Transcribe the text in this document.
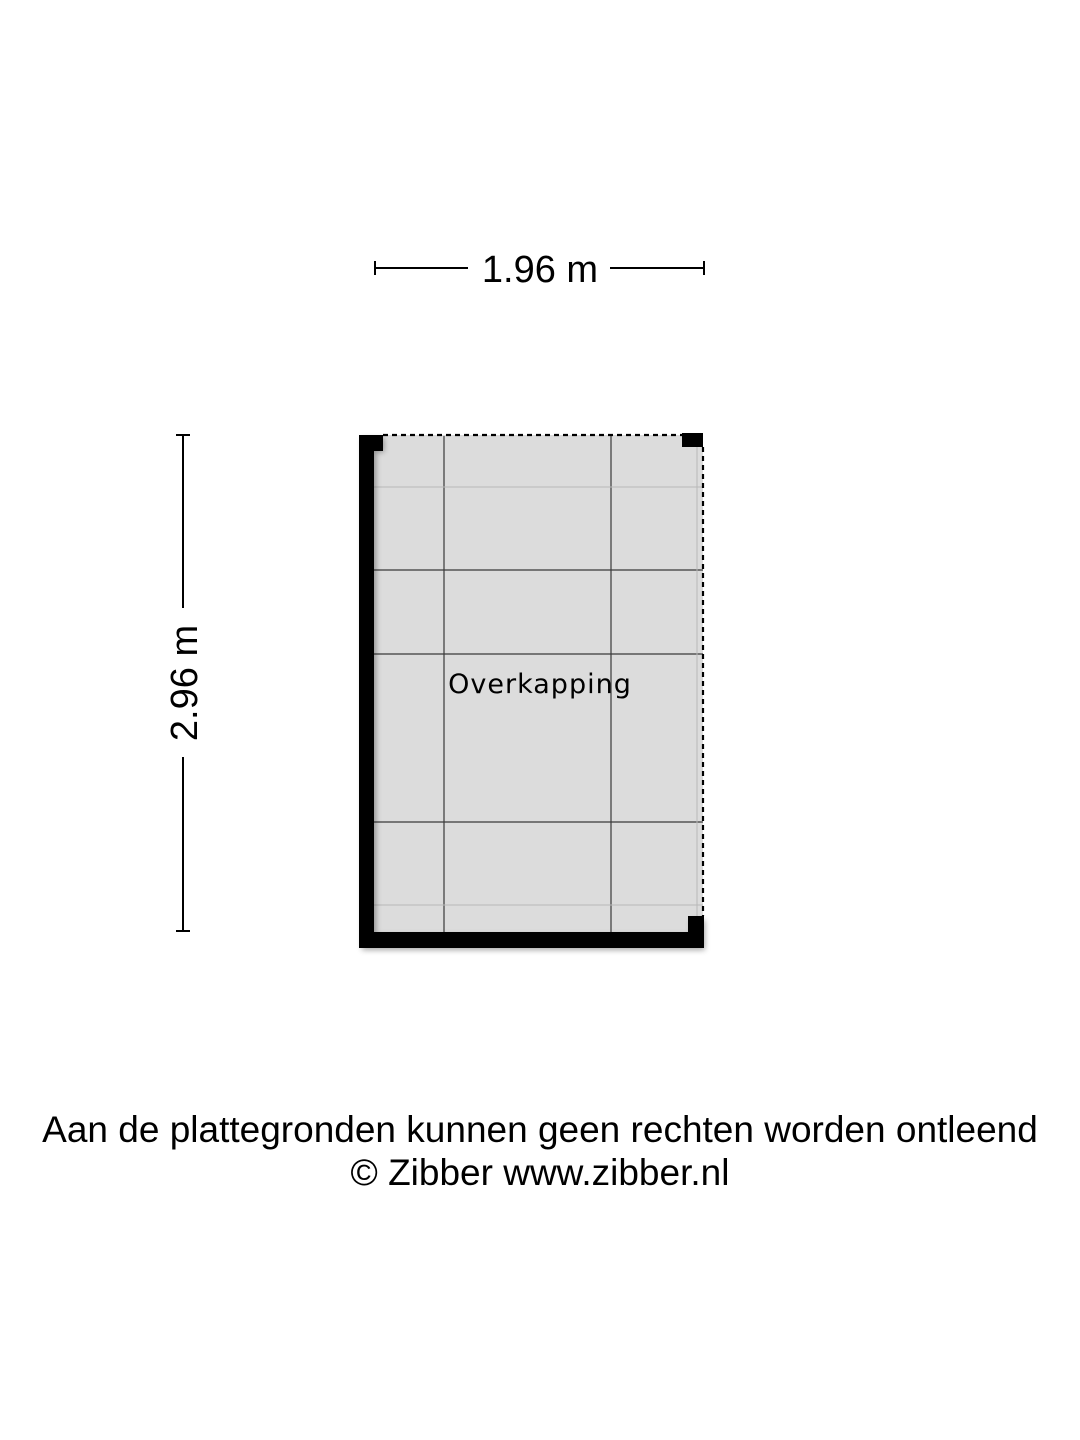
1.96 m
2.96 m	Overkapping
Aan de plattegronden kunnen geen rechten worden ontleend
© Zibber www.zibber.nl
